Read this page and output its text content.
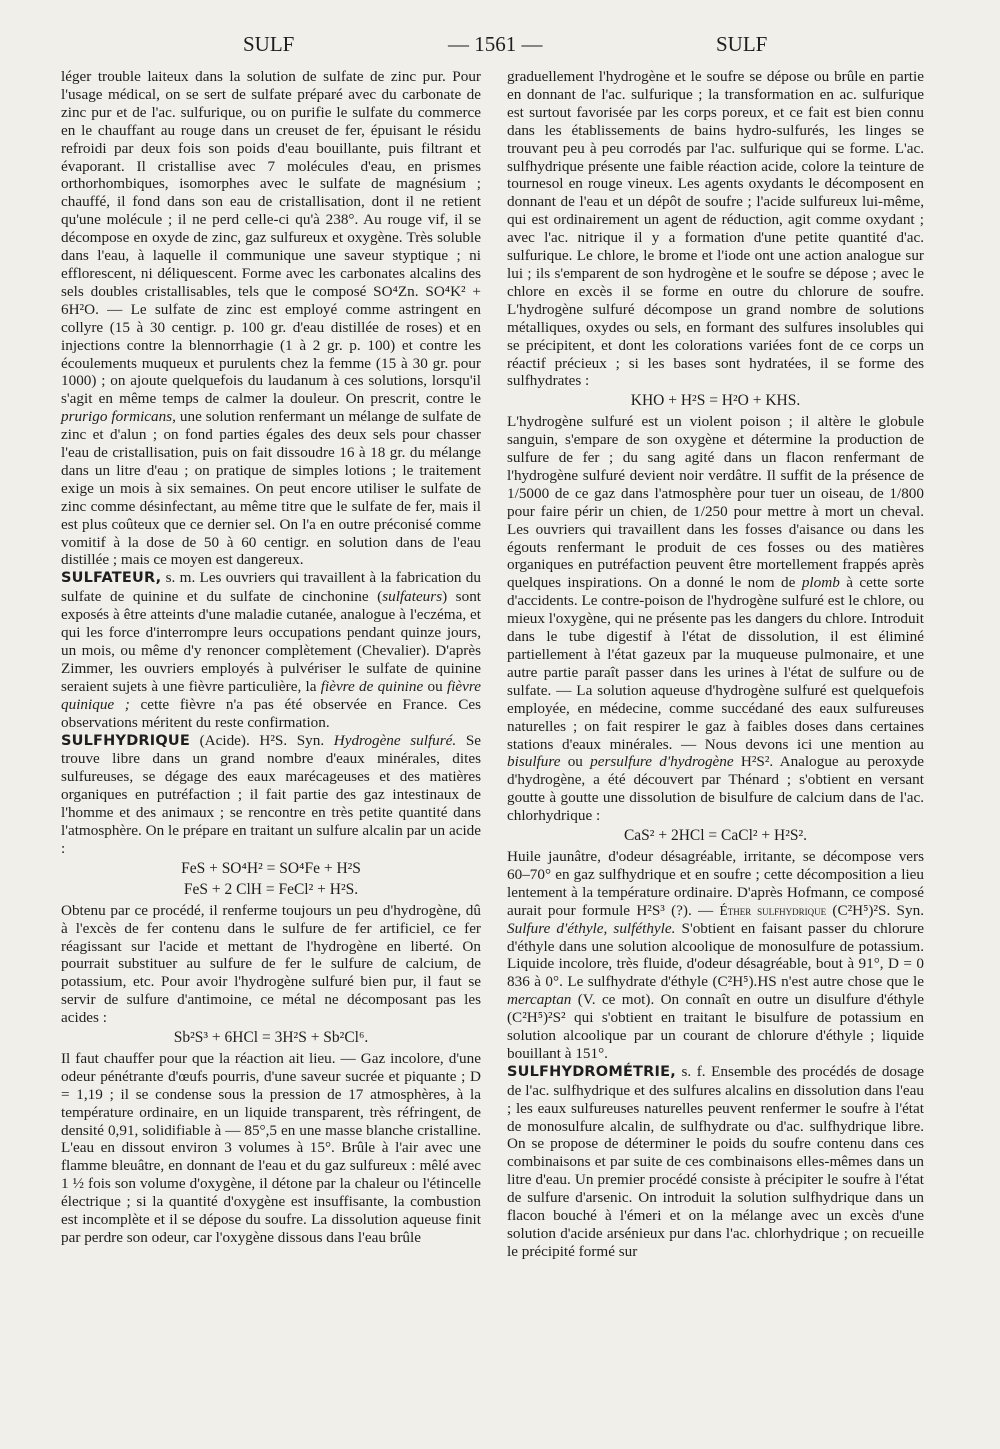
SULF	— 1561 —	SULF

léger trouble laiteux dans la solution de sulfate de zinc pur. Pour l'usage médical, on se sert de sulfate préparé avec du carbonate de zinc pur et de l'ac. sulfurique, ou on purifie le sulfate du commerce en le chauffant au rouge dans un creuset de fer, épuisant le résidu refroidi par deux fois son poids d'eau bouillante, puis filtrant et évaporant. Il cristallise avec 7 molécules d'eau, en prismes orthorhombiques, isomorphes avec le sulfate de magnésium ; chauffé, il fond dans son eau de cristallisation, dont il ne retient qu'une molécule ; il ne perd celle-ci qu'à 238°. Au rouge vif, il se décompose en oxyde de zinc, gaz sulfureux et oxygène. Très soluble dans l'eau, à laquelle il communique une saveur styptique ; ni efflorescent, ni déliquescent. Forme avec les carbonates alcalins des sels doubles cristallisables, tels que le composé SO⁴Zn. SO⁴K² + 6H²O. — Le sulfate de zinc est employé comme astringent en collyre (15 à 30 centigr. p. 100 gr. d'eau distillée de roses) et en injections contre la blennorrhagie (1 à 2 gr. p. 100) et contre les écoulements muqueux et purulents chez la femme (15 à 30 gr. pour 1000) ; on ajoute quelquefois du laudanum à ces solutions, lorsqu'il s'agit en même temps de calmer la douleur. On prescrit, contre le prurigo formicans, une solution renfermant un mélange de sulfate de zinc et d'alun ; on fond parties égales des deux sels pour chasser l'eau de cristallisation, puis on fait dissoudre 16 à 18 gr. du mélange dans un litre d'eau ; on pratique de simples lotions ; le traitement exige un mois à six semaines. On peut encore utiliser le sulfate de zinc comme désinfectant, au même titre que le sulfate de fer, mais il est plus coûteux que ce dernier sel. On l'a en outre préconisé comme vomitif à la dose de 50 à 60 centigr. en solution dans de l'eau distillée ; mais ce moyen est dangereux.

SULFATEUR, s. m. Les ouvriers qui travaillent à la fabrication du sulfate de quinine et du sulfate de cinchonine (sulfateurs) sont exposés à être atteints d'une maladie cutanée, analogue à l'eczéma, et qui les force d'interrompre leurs occupations pendant quinze jours, un mois, ou même d'y renoncer complètement (Chevalier). D'après Zimmer, les ouvriers employés à pulvériser le sulfate de quinine seraient sujets à une fièvre particulière, la fièvre de quinine ou fièvre quinique ; cette fièvre n'a pas été observée en France. Ces observations méritent du reste confirmation.

SULFHYDRIQUE (Acide). H²S. Syn. Hydrogène sulfuré. Se trouve libre dans un grand nombre d'eaux minérales, dites sulfureuses, se dégage des eaux marécageuses et des matières organiques en putréfaction ; il fait partie des gaz intestinaux de l'homme et des animaux ; se rencontre en très petite quantité dans l'atmosphère. On le prépare en traitant un sulfure alcalin par un acide :

FeS + SO⁴H² = SO⁴Fe + H²S
FeS + 2 ClH = FeCl² + H²S.

Obtenu par ce procédé, il renferme toujours un peu d'hydrogène, dû à l'excès de fer contenu dans le sulfure de fer artificiel, ce fer réagissant sur l'acide et mettant de l'hydrogène en liberté. On pourrait substituer au sulfure de fer le sulfure de calcium, de potassium, etc. Pour avoir l'hydrogène sulfuré bien pur, il faut se servir de sulfure d'antimoine, ce métal ne décomposant pas les acides :

Sb²S³ + 6HCl = 3H²S + Sb²Cl⁶.

Il faut chauffer pour que la réaction ait lieu. — Gaz incolore, d'une odeur pénétrante d'œufs pourris, d'une saveur sucrée et piquante ; D = 1,19 ; il se condense sous la pression de 17 atmosphères, à la température ordinaire, en un liquide transparent, très réfringent, de densité 0,91, solidifiable à — 85°,5 en une masse blanche cristalline. L'eau en dissout environ 3 volumes à 15°. Brûle à l'air avec une flamme bleuâtre, en donnant de l'eau et du gaz sulfureux : mêlé avec 1 ½ fois son volume d'oxygène, il détone par la chaleur ou l'étincelle électrique ; si la quantité d'oxygène est insuffisante, la combustion est incomplète et il se dépose du soufre. La dissolution aqueuse finit par perdre son odeur, car l'oxygène dissous dans l'eau brûle

graduellement l'hydrogène et le soufre se dépose ou brûle en partie en donnant de l'ac. sulfurique ; la transformation en ac. sulfurique est surtout favorisée par les corps poreux, et ce fait est bien connu dans les établissements de bains hydro-sulfurés, les linges se trouvant peu à peu corrodés par l'ac. sulfurique qui se forme. L'ac. sulfhydrique présente une faible réaction acide, colore la teinture de tournesol en rouge vineux. Les agents oxydants le décomposent en donnant de l'eau et un dépôt de soufre ; l'acide sulfureux lui-même, qui est ordinairement un agent de réduction, agit comme oxydant ; avec l'ac. nitrique il y a formation d'une petite quantité d'ac. sulfurique. Le chlore, le brome et l'iode ont une action analogue sur lui ; ils s'emparent de son hydrogène et le soufre se dépose ; avec le chlore en excès il se forme en outre du chlorure de soufre. L'hydrogène sulfuré décompose un grand nombre de solutions métalliques, oxydes ou sels, en formant des sulfures insolubles qui se précipitent, et dont les colorations variées font de ce corps un réactif précieux ; si les bases sont hydratées, il se forme des sulfhydrates :

KHO + H²S = H²O + KHS.

L'hydrogène sulfuré est un violent poison ; il altère le globule sanguin, s'empare de son oxygène et détermine la production de sulfure de fer ; du sang agité dans un flacon renfermant de l'hydrogène sulfuré devient noir verdâtre. Il suffit de la présence de 1/5000 de ce gaz dans l'atmosphère pour tuer un oiseau, de 1/800 pour faire périr un chien, de 1/250 pour mettre à mort un cheval. Les ouvriers qui travaillent dans les fosses d'aisance ou dans les égouts renfermant le produit de ces fosses ou des matières organiques en putréfaction peuvent être mortellement frappés après quelques inspirations. On a donné le nom de plomb à cette sorte d'accidents. Le contre-poison de l'hydrogène sulfuré est le chlore, ou mieux l'oxygène, qui ne présente pas les dangers du chlore. Introduit dans le tube digestif à l'état de dissolution, il est éliminé partiellement à l'état gazeux par la muqueuse pulmonaire, et une autre partie paraît passer dans les urines à l'état de sulfure ou de sulfate. — La solution aqueuse d'hydrogène sulfuré est quelquefois employée, en médecine, comme succédané des eaux sulfureuses naturelles ; on fait respirer le gaz à faibles doses dans certaines stations d'eaux minérales. — Nous devons ici une mention au bisulfure ou persulfure d'hydrogène H²S². Analogue au peroxyde d'hydrogène, a été découvert par Thénard ; s'obtient en versant goutte à goutte une dissolution de bisulfure de calcium dans de l'ac. chlorhydrique :

CaS² + 2HCl = CaCl² + H²S².

Huile jaunâtre, d'odeur désagréable, irritante, se décompose vers 60–70° en gaz sulfhydrique et en soufre ; cette décomposition a lieu lentement à la température ordinaire. D'après Hofmann, ce composé aurait pour formule H²S³ (?). — Éther sulfhydrique (C²H⁵)²S. Syn. Sulfure d'éthyle, sulféthyle. S'obtient en faisant passer du chlorure d'éthyle dans une solution alcoolique de monosulfure de potassium. Liquide incolore, très fluide, d'odeur désagréable, bout à 91°, D = 0 836 à 0°. Le sulfhydrate d'éthyle (C²H⁵).HS n'est autre chose que le mercaptan (V. ce mot). On connaît en outre un disulfure d'éthyle (C²H⁵)²S² qui s'obtient en traitant le bisulfure de potassium en solution alcoolique par un courant de chlorure d'éthyle ; liquide bouillant à 151°.

SULFHYDROMÉTRIE, s. f. Ensemble des procédés de dosage de l'ac. sulfhydrique et des sulfures alcalins en dissolution dans l'eau ; les eaux sulfureuses naturelles peuvent renfermer le soufre à l'état de monosulfure alcalin, de sulfhydrate ou d'ac. sulfhydrique libre. On se propose de déterminer le poids du soufre contenu dans ces combinaisons et par suite de ces combinaisons elles-mêmes dans un litre d'eau. Un premier procédé consiste à précipiter le soufre à l'état de sulfure d'arsenic. On introduit la solution sulfhydrique dans un flacon bouché à l'émeri et on la mélange avec un excès d'une solution d'acide arsénieux pur dans l'ac. chlorhydrique ; on recueille le précipité formé sur
